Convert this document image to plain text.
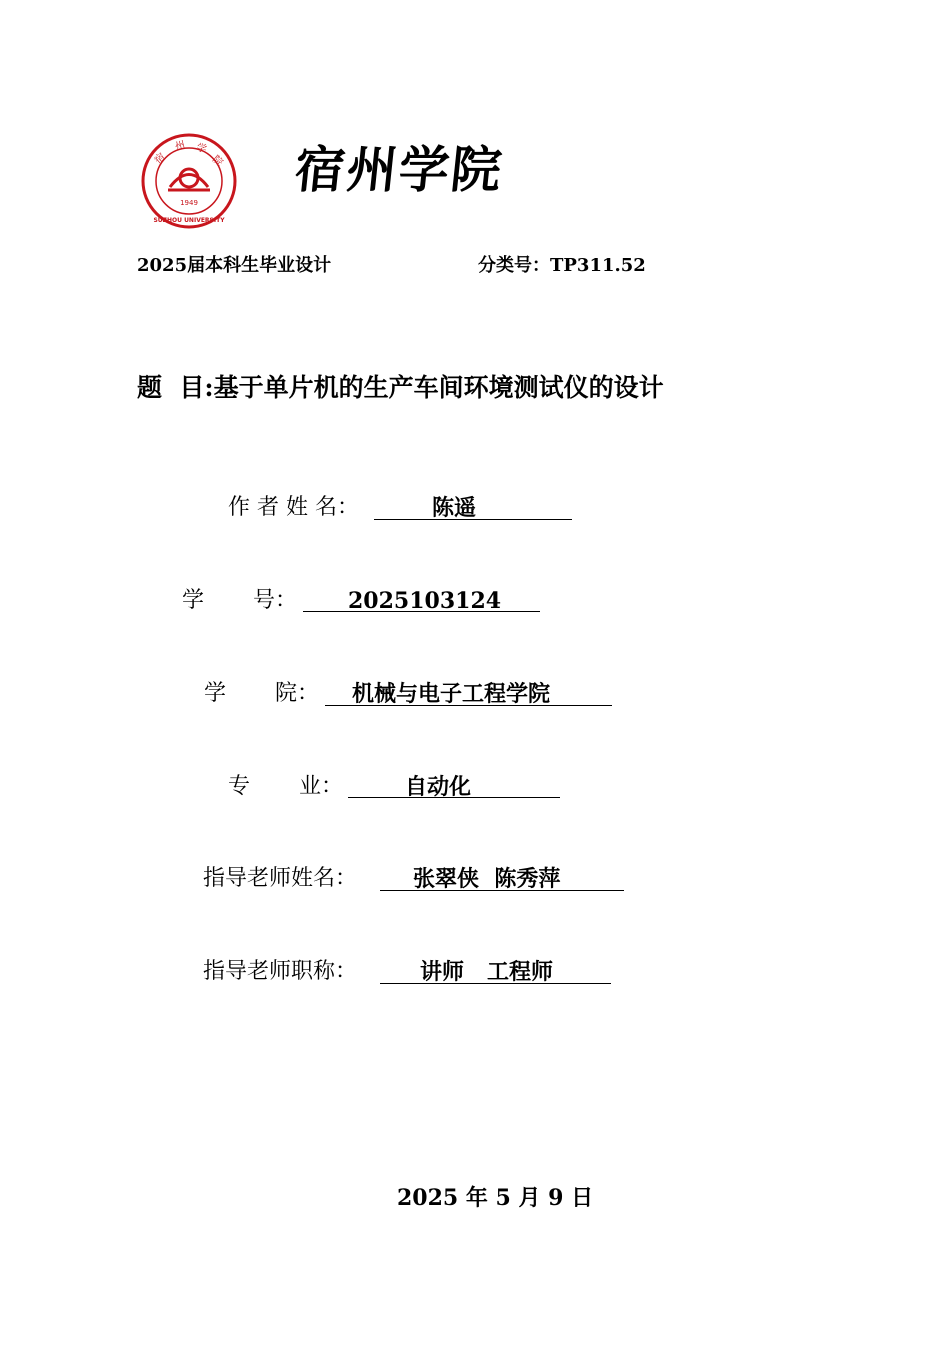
宿
州 学
院
1949
SUZHOU UNIVERSITY
宿州学院
2025届本科生毕业设计	分类号：TP311.52
题  目:基于单片机的生产车间环境测试仪的设计
作 者 姓 名：	陈遥
学       号： 2025103124
学       院： 机械与电子工程学院
专       业：	自动化
指导老师姓名：	张翠侠  陈秀萍
指导老师职称：	讲师   工程师
2025 年 5 月 9 日
